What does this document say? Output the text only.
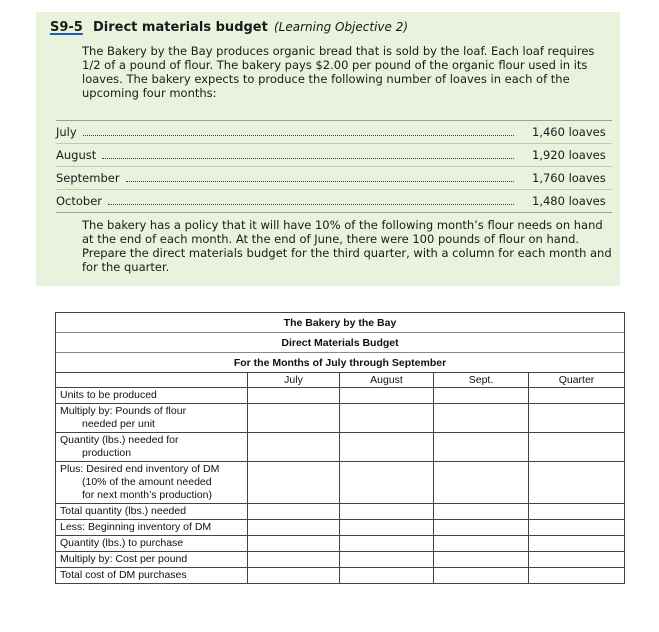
S9-5 Direct materials budget (Learning Objective 2)
The Bakery by the Bay produces organic bread that is sold by the loaf. Each loaf requires 1/2 of a pound of flour. The bakery pays $2.00 per pound of the organic flour used in its loaves. The bakery expects to produce the following number of loaves in each of the upcoming four months:
July	1,460 loaves
August	1,920 loaves
September	1,760 loaves
October	1,480 loaves
The bakery has a policy that it will have 10% of the following month’s flour needs on hand at the end of each month. At the end of June, there were 100 pounds of flour on hand. Prepare the direct materials budget for the third quarter, with a column for each month and for the quarter.
The Bakery by the Bay				
Direct Materials Budget				
For the Months of July through September				
	July	August	Sept.	Quarter
Units to be produced				
Multiply by: Pounds of flour
needed per unit				

Quantity (lbs.) needed for
production				

Plus: Desired end inventory of DM
(10% of the amount needed
for next month’s production)				

Total quantity (lbs.) needed				
Less: Beginning inventory of DM				
Quantity (lbs.) to purchase				
Multiply by: Cost per pound				
Total cost of DM purchases				
